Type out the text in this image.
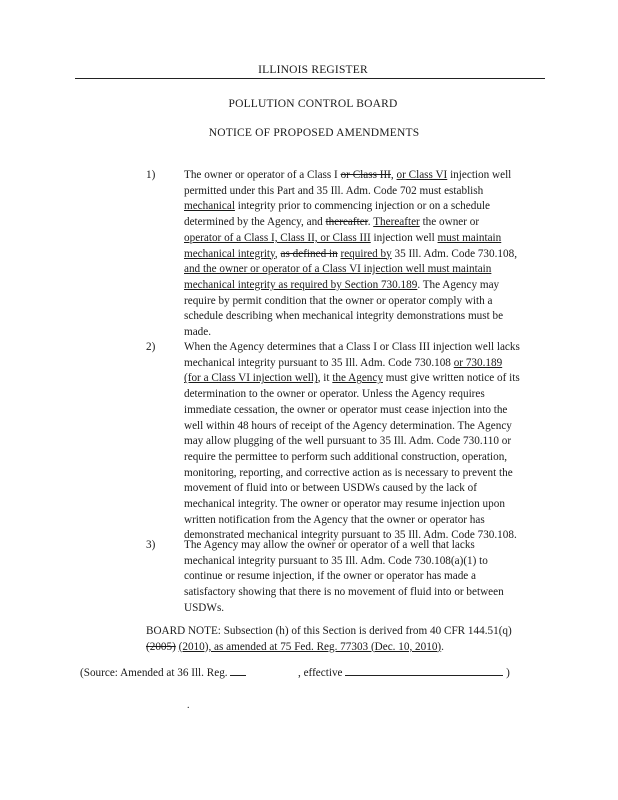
ILLINOIS REGISTER
POLLUTION CONTROL BOARD
NOTICE OF PROPOSED AMENDMENTS
1)	The owner or operator of a Class I or Class III, or Class VI injection well
permitted under this Part and 35 Ill. Adm. Code 702 must establish
mechanical integrity prior to commencing injection or on a schedule
determined by the Agency, and thereafter. Thereafter the owner or
operator of a Class I, Class II, or Class III injection well must maintain
mechanical integrity, as defined in required by 35 Ill. Adm. Code 730.108,
and the owner or operator of a Class VI injection well must maintain
mechanical integrity as required by Section 730.189. The Agency may
require by permit condition that the owner or operator comply with a
schedule describing when mechanical integrity demonstrations must be
made.
2)	When the Agency determines that a Class I or Class III injection well lacks
mechanical integrity pursuant to 35 Ill. Adm. Code 730.108 or 730.189
(for a Class VI injection well), it the Agency must give written notice of its
determination to the owner or operator. Unless the Agency requires
immediate cessation, the owner or operator must cease injection into the
well within 48 hours of receipt of the Agency determination. The Agency
may allow plugging of the well pursuant to 35 Ill. Adm. Code 730.110 or
require the permittee to perform such additional construction, operation,
monitoring, reporting, and corrective action as is necessary to prevent the
movement of fluid into or between USDWs caused by the lack of
mechanical integrity. The owner or operator may resume injection upon
written notification from the Agency that the owner or operator has
demonstrated mechanical integrity pursuant to 35 Ill. Adm. Code 730.108.
3)	The Agency may allow the owner or operator of a well that lacks
mechanical integrity pursuant to 35 Ill. Adm. Code 730.108(a)(1) to
continue or resume injection, if the owner or operator has made a
satisfactory showing that there is no movement of fluid into or between
USDWs.
BOARD NOTE: Subsection (h) of this Section is derived from 40 CFR 144.51(q)
(2005) (2010), as amended at 75 Fed. Reg. 77303 (Dec. 10, 2010).
(Source: Amended at 36 Ill. Reg.	, effective	)
.
